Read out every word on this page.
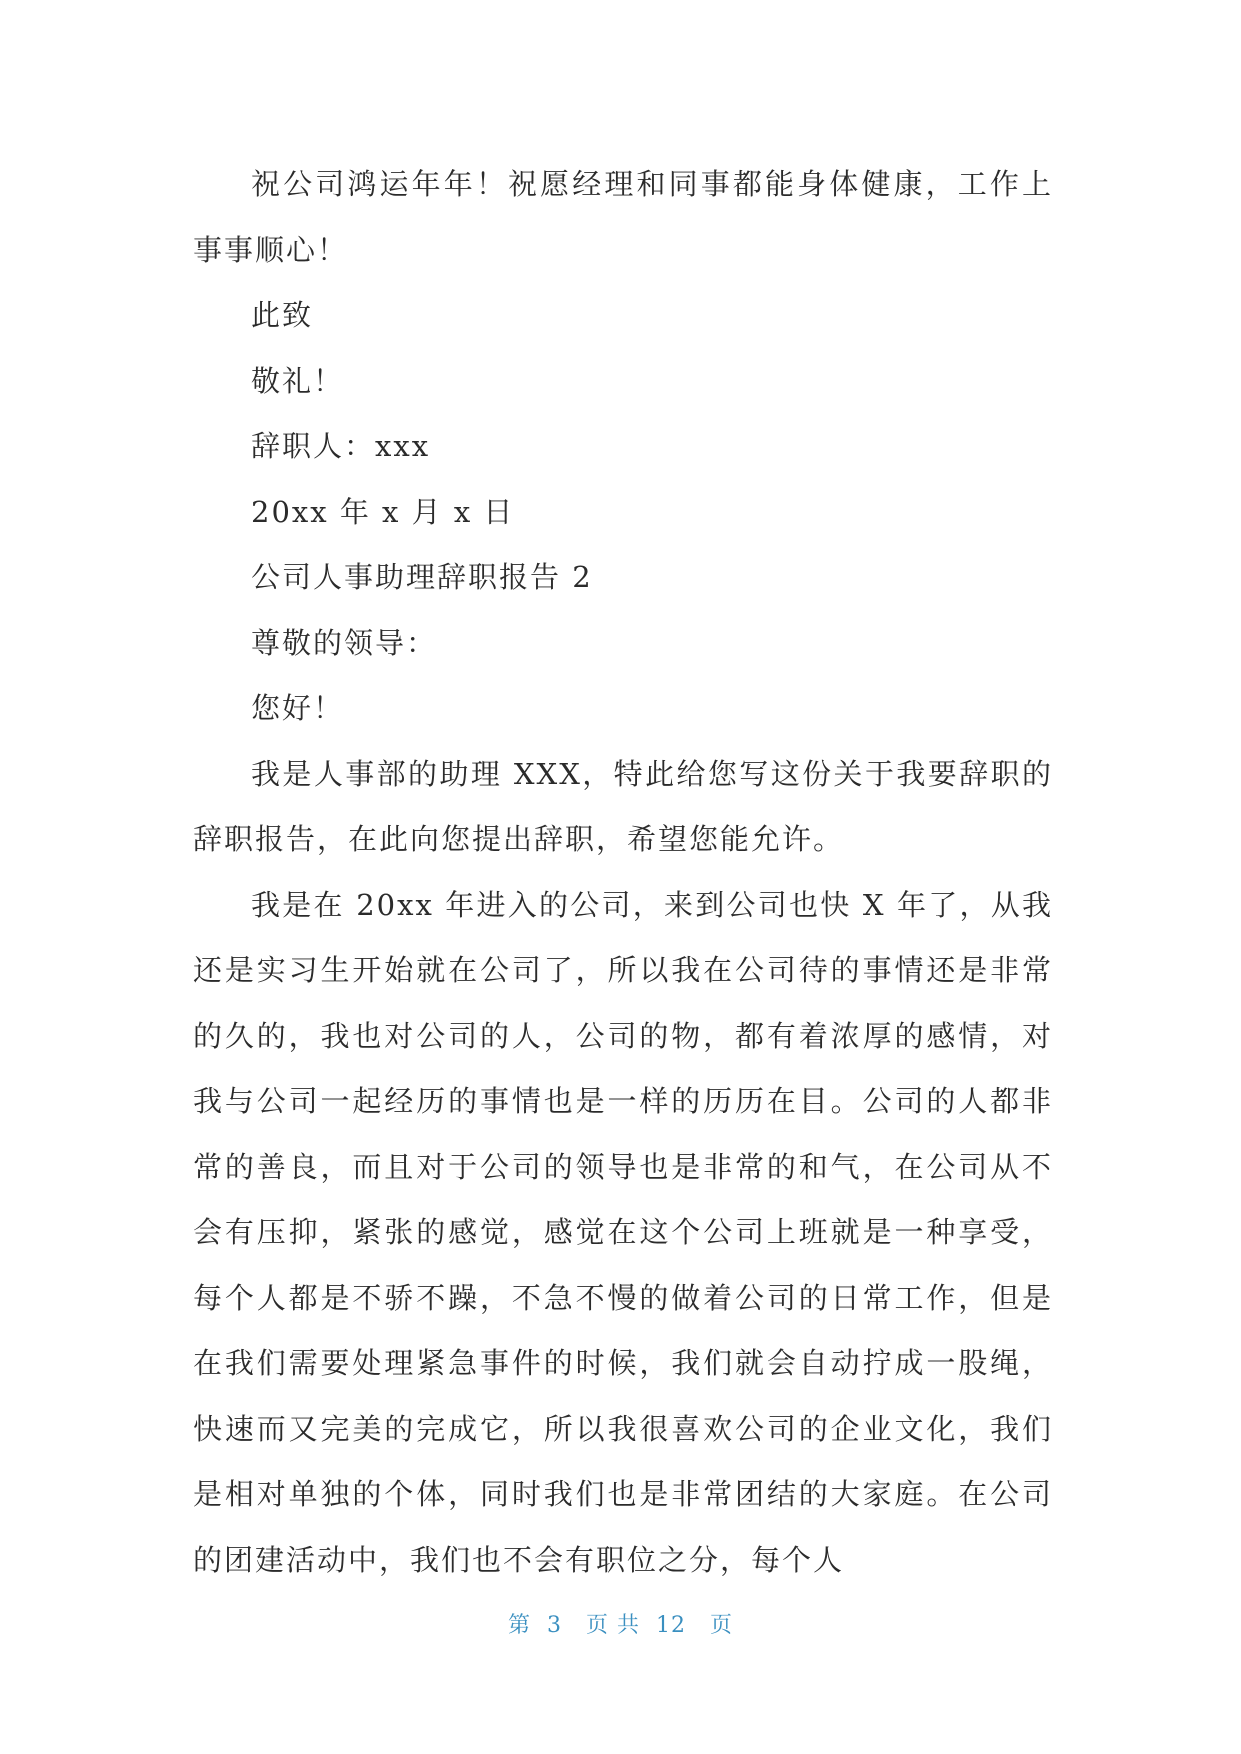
祝公司鸿运年年！祝愿经理和同事都能身体健康，工作上事事顺心！

此致

敬礼！

辞职人：xxx

20xx 年 x 月 x 日

公司人事助理辞职报告 2

尊敬的领导：

您好！

我是人事部的助理 XXX，特此给您写这份关于我要辞职的辞职报告，在此向您提出辞职，希望您能允许。

我是在 20xx 年进入的公司，来到公司也快 X 年了，从我还是实习生开始就在公司了，所以我在公司待的事情还是非常的久的，我也对公司的人，公司的物，都有着浓厚的感情，对我与公司一起经历的事情也是一样的历历在目。公司的人都非常的善良，而且对于公司的领导也是非常的和气，在公司从不会有压抑，紧张的感觉，感觉在这个公司上班就是一种享受，每个人都是不骄不躁，不急不慢的做着公司的日常工作，但是在我们需要处理紧急事件的时候，我们就会自动拧成一股绳，快速而又完美的完成它，所以我很喜欢公司的企业文化，我们是相对单独的个体，同时我们也是非常团结的大家庭。在公司的团建活动中，我们也不会有职位之分，每个人

第  3   页 共  12   页
